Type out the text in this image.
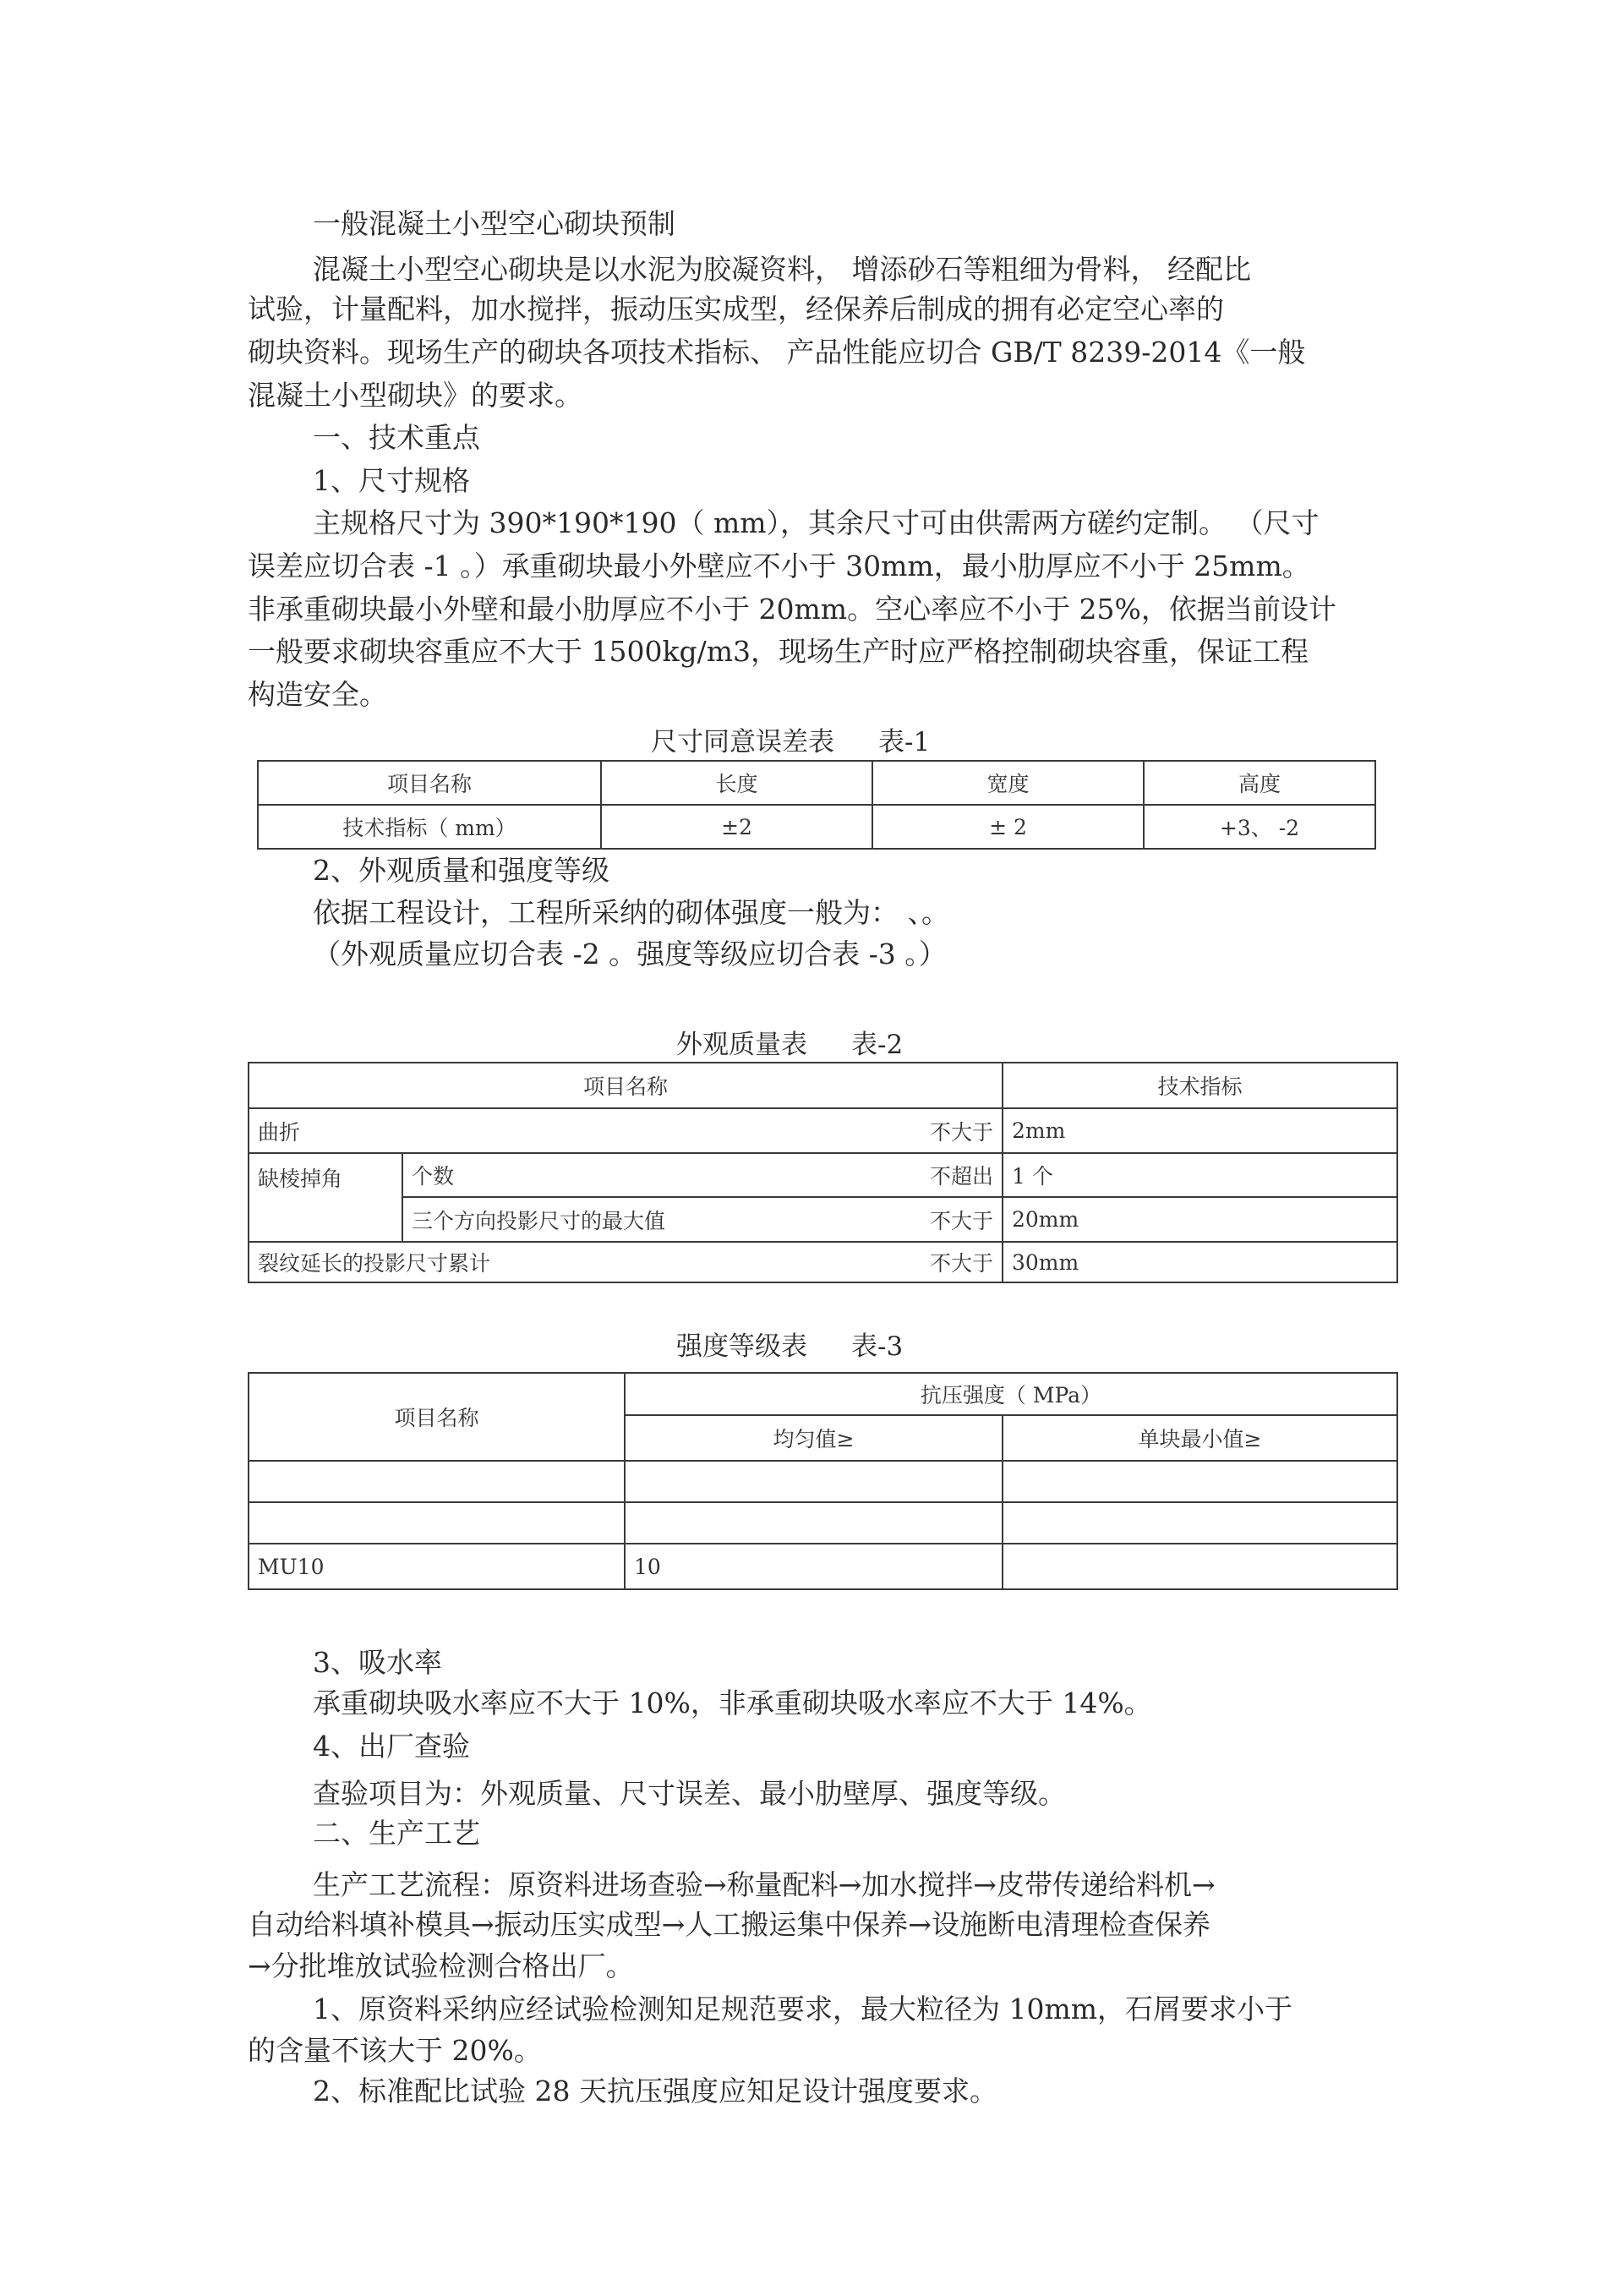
一般混凝土小型空心砌块预制
混凝土小型空心砌块是以水泥为胶凝资料， 增添砂石等粗细为骨料， 经配比
试验，计量配料，加水搅拌，振动压实成型，经保养后制成的拥有必定空心率的
砌块资料。现场生产的砌块各项技术指标、 产品性能应切合 GB/T 8239-2014《一般
混凝土小型砌块》的要求。
一、技术重点
1、尺寸规格
主规格尺寸为 390*190*190（ mm），其余尺寸可由供需两方磋约定制。 （尺寸
误差应切合表 -1 。）承重砌块最小外壁应不小于 30mm，最小肋厚应不小于 25mm。
非承重砌块最小外壁和最小肋厚应不小于 20mm。空心率应不小于 25%，依据当前设计
一般要求砌块容重应不大于 1500kg/m3，现场生产时应严格控制砌块容重，保证工程
构造安全。
尺寸同意误差表 表-1
项目名称	长度	宽度	高度
技术指标（ mm）	±2	± 2	+3、 -2
2、外观质量和强度等级
依据工程设计，工程所采纳的砌体强度一般为： 、。
（外观质量应切合表 -2 。强度等级应切合表 -3 。）
外观质量表 表-2
项目名称			技术指标
曲折		不大于	2mm
缺棱掉角	个数	不超出	1 个
	三个方向投影尺寸的最大值	不大于	20mm
裂纹延长的投影尺寸累计		不大于	30mm
强度等级表 表-3
项目名称	抗压强度（ MPa）	
	均匀值≥	单块最小值≥

MU10	10	
3、吸水率
承重砌块吸水率应不大于 10%，非承重砌块吸水率应不大于 14%。
4、出厂查验
查验项目为：外观质量、尺寸误差、最小肋壁厚、强度等级。
二、生产工艺
生产工艺流程：原资料进场查验→称量配料→加水搅拌→皮带传递给料机→
自动给料填补模具→振动压实成型→人工搬运集中保养→设施断电清理检查保养
→分批堆放试验检测合格出厂。
1、原资料采纳应经试验检测知足规范要求，最大粒径为 10mm，石屑要求小于
的含量不该大于 20%。
2、标准配比试验 28 天抗压强度应知足设计强度要求。
